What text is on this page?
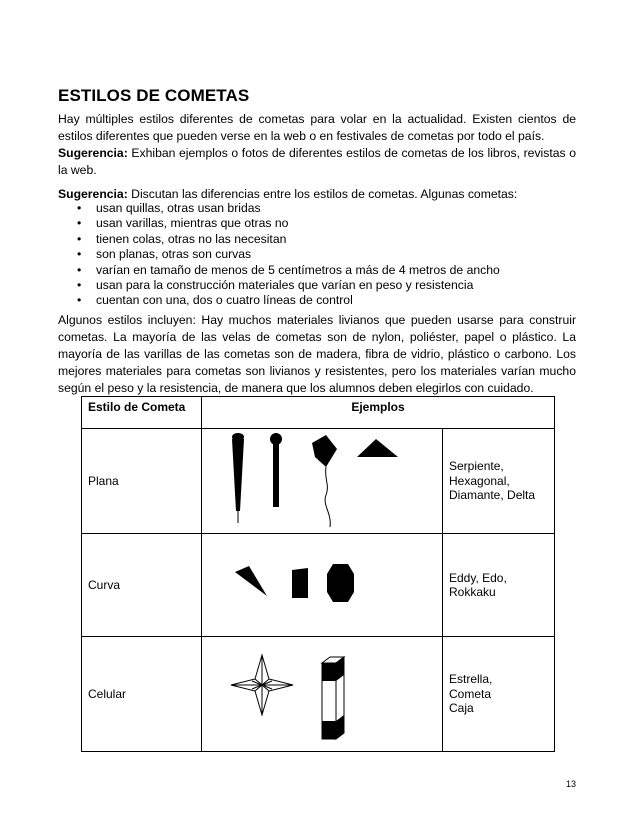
ESTILOS DE COMETAS
Hay múltiples estilos diferentes de cometas para volar en la actualidad. Existen cientos de estilos diferentes que pueden verse en la web o en festivales de cometas por todo el país.
Sugerencia: Exhiban ejemplos o fotos de diferentes estilos de cometas de los libros, revistas o la web.
Sugerencia: Discutan las diferencias entre los estilos de cometas. Algunas cometas:
• usan quillas, otras usan bridas
• usan varillas, mientras que otras no
• tienen colas, otras no las necesitan
• son planas, otras son curvas
• varían en tamaño de menos de 5 centímetros a más de 4 metros de ancho
• usan para la construcción materiales que varían en peso y resistencia
• cuentan con una, dos o cuatro líneas de control
Algunos estilos incluyen: Hay muchos materiales livianos que pueden usarse para construir cometas. La mayoría de las velas de cometas son de nylon, poliéster, papel o plástico. La mayoría de las varillas de las cometas son de madera, fibra de vidrio, plástico o carbono. Los mejores materiales para cometas son livianos y resistentes, pero los materiales varían mucho según el peso y la resistencia, de manera que los alumnos deben elegirlos con cuidado.
Estilo de Cometa	Ejemplos	
Plana		Serpiente,
Hexagonal,
Diamante, Delta

Curva		Eddy, Edo, Rokkaku

Celular		Estrella,
Cometa
Caja
13
